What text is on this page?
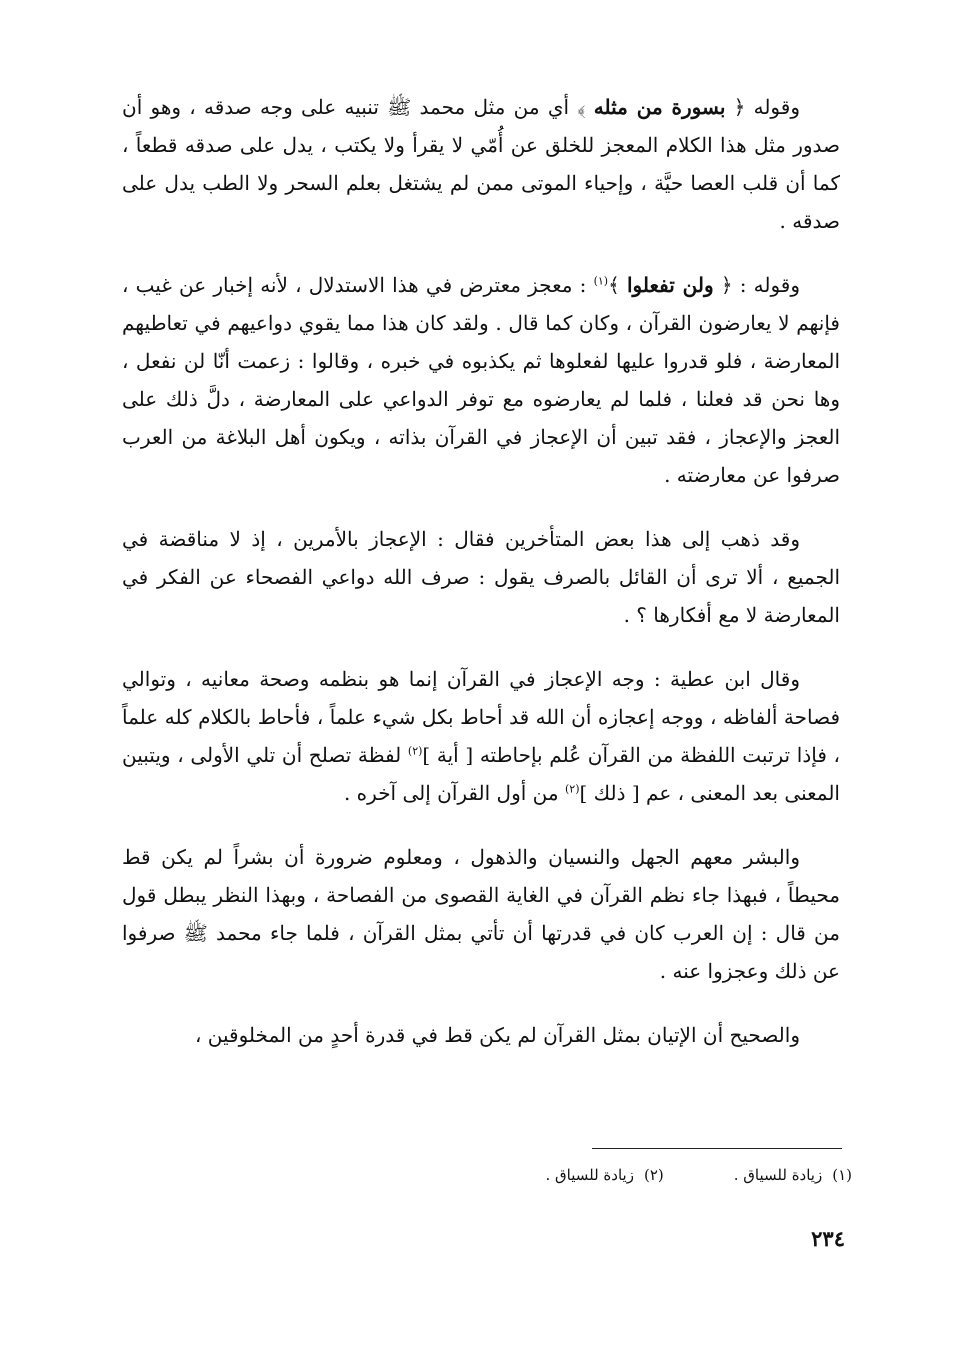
وقوله ﴿ بسورة من مثله ﴾ أي من مثل محمد ﷺ تنبيه على وجه صدقه ، وهو أن صدور مثل هذا الكلام المعجز للخلق عن أُمّي لا يقرأ ولا يكتب ، يدل على صدقه قطعاً ، كما أن قلب العصا حيَّة ، وإحياء الموتى ممن لم يشتغل بعلم السحر ولا الطب يدل على صدقه .

وقوله : ﴿ ولن تفعلوا ﴾$^{(١)}$ : معجز معترض في هذا الاستدلال ، لأنه إخبار عن غيب ، فإنهم لا يعارضون القرآن ، وكان كما قال . ولقد كان هذا مما يقوي دواعيهم في تعاطيهم المعارضة ، فلو قدروا عليها لفعلوها ثم يكذبوه في خبره ، وقالوا : زعمت أنّا لن نفعل ، وها نحن قد فعلنا ، فلما لم يعارضوه مع توفر الدواعي على المعارضة ، دلَّ ذلك على العجز والإعجاز ، فقد تبين أن الإعجاز في القرآن بذاته ، ويكون أهل البلاغة من العرب صرفوا عن معارضته .

وقد ذهب إلى هذا بعض المتأخرين فقال : الإعجاز بالأمرين ، إذ لا مناقضة في الجميع ، ألا ترى أن القائل بالصرف يقول : صرف الله دواعي الفصحاء عن الفكر في المعارضة لا مع أفكارها ؟ .

وقال ابن عطية : وجه الإعجاز في القرآن إنما هو بنظمه وصحة معانيه ، وتوالي فصاحة ألفاظه ، ووجه إعجازه أن الله قد أحاط بكل شيء علماً ، فأحاط بالكلام كله علماً ، فإذا ترتبت اللفظة من القرآن عُلم بإحاطته [ أية ]$^{(٢)}$ لفظة تصلح أن تلي الأولى ، ويتبين المعنى بعد المعنى ، عم [ ذلك ]$^{(٢)}$ من أول القرآن إلى آخره .

والبشر معهم الجهل والنسيان والذهول ، ومعلوم ضرورة أن بشراً لم يكن قط محيطاً ، فبهذا جاء نظم القرآن في الغاية القصوى من الفصاحة ، وبهذا النظر يبطل قول من قال : إن العرب كان في قدرتها أن تأتي بمثل القرآن ، فلما جاء محمد ﷺ صرفوا عن ذلك وعجزوا عنه .

والصحيح أن الإتيان بمثل القرآن لم يكن قط في قدرة أحدٍ من المخلوقين ،

(١)زيادة للسياق .
(٢)زيادة للسياق .
٢٣٤
